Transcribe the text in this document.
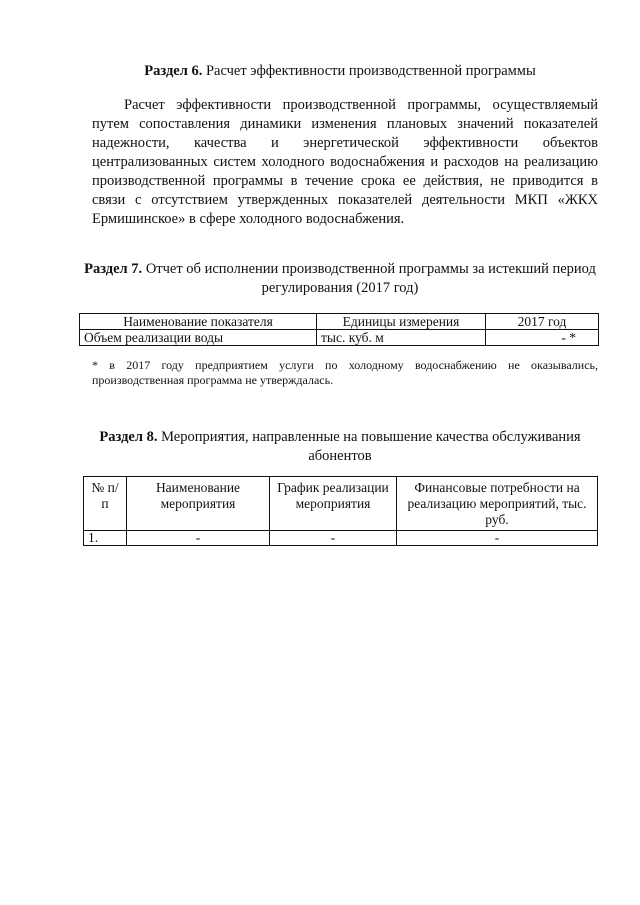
Раздел 6. Расчет эффективности производственной программы
Расчет эффективности производственной программы, осуществляемый путем сопоставления динамики изменения плановых значений показателей надежности, качества и энергетической эффективности объектов централизованных систем холодного водоснабжения и расходов на реализацию производственной программы в течение срока ее действия, не приводится в связи с отсутствием утвержденных показателей деятельности МКП «ЖКХ Ермишинское» в сфере холодного водоснабжения.
Раздел 7. Отчет об исполнении производственной программы за истекший период регулирования (2017 год)
Наименование показателя	Единицы измерения	2017 год
Объем реализации воды	тыс. куб. м	- *
* в 2017 году предприятием услуги по холодному водоснабжению не оказывались, производственная программа не утверждалась.
Раздел 8. Мероприятия, направленные на повышение качества обслуживания абонентов
№ п/п	Наименование мероприятия	График реализации мероприятия	Финансовые потребности на реализацию мероприятий, тыс. руб.
1.	-	-	-
